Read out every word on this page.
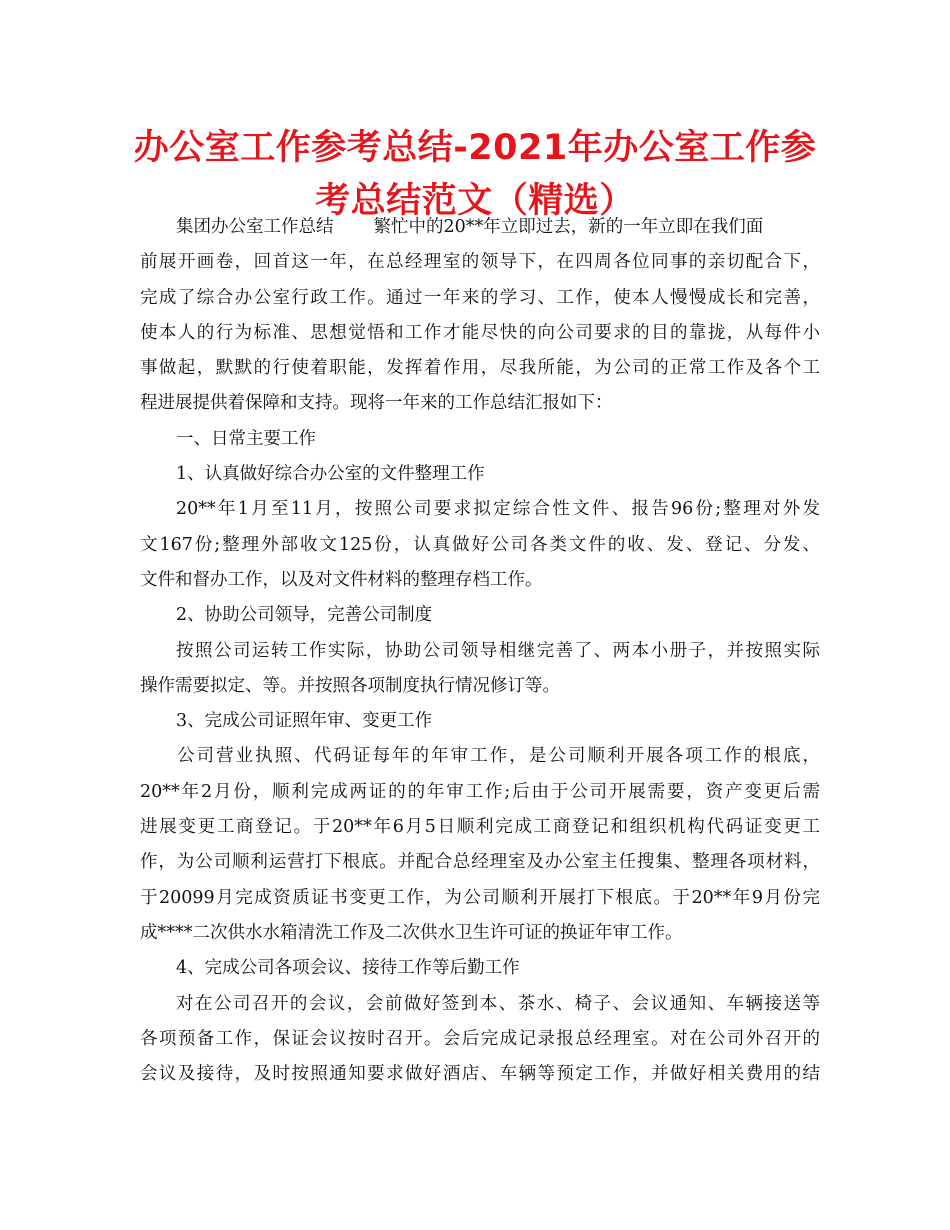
办公室工作参考总结-2021年办公室工作参考总结范文（精选）
集团办公室工作总结 繁忙中的20**年立即过去，新的一年立即在我们面
前展开画卷，回首这一年，在总经理室的领导下，在四周各位同事的亲切配合下，
完成了综合办公室行政工作。通过一年来的学习、工作，使本人慢慢成长和完善，
使本人的行为标准、思想觉悟和工作才能尽快的向公司要求的目的靠拢，从每件小
事做起，默默的行使着职能，发挥着作用，尽我所能，为公司的正常工作及各个工
程进展提供着保障和支持。现将一年来的工作总结汇报如下：
一、日常主要工作
1、认真做好综合办公室的文件整理工作
20**年1月至11月，按照公司要求拟定综合性文件、报告96份;整理对外发
文167份;整理外部收文125份，认真做好公司各类文件的收、发、登记、分发、
文件和督办工作，以及对文件材料的整理存档工作。
2、协助公司领导，完善公司制度
按照公司运转工作实际，协助公司领导相继完善了、两本小册子，并按照实际
操作需要拟定、等。并按照各项制度执行情况修订等。
3、完成公司证照年审、变更工作
公司营业执照、代码证每年的年审工作，是公司顺利开展各项工作的根底，
20**年2月份，顺利完成两证的的年审工作;后由于公司开展需要，资产变更后需
进展变更工商登记。于20**年6月5日顺利完成工商登记和组织机构代码证变更工
作，为公司顺利运营打下根底。并配合总经理室及办公室主任搜集、整理各项材料，
于20099月完成资质证书变更工作，为公司顺利开展打下根底。于20**年9月份完
成****二次供水水箱清洗工作及二次供水卫生许可证的换证年审工作。
4、完成公司各项会议、接待工作等后勤工作
对在公司召开的会议，会前做好签到本、茶水、椅子、会议通知、车辆接送等
各项预备工作，保证会议按时召开。会后完成记录报总经理室。对在公司外召开的
会议及接待，及时按照通知要求做好酒店、车辆等预定工作，并做好相关费用的结
